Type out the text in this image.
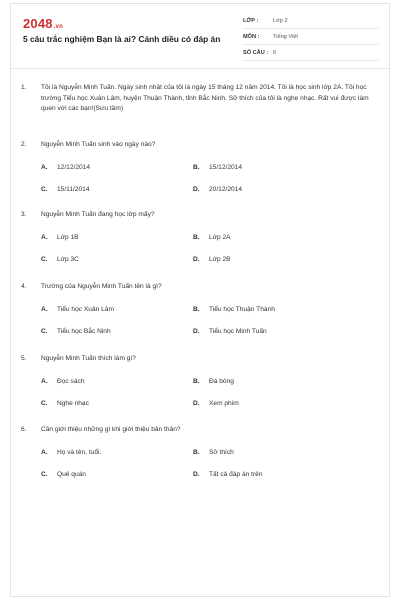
2048.vn
5 câu trắc nghiệm Bạn là ai? Cánh diều có đáp án
LỚP :	Lớp 2
MÔN :	Tiếng Việt
SỐ CÂU : 6
1.	Tôi là Nguyễn Minh Tuấn. Ngày sinh nhật của tôi là ngày 15 tháng 12 năm 2014. Tôi là học sinh lớp 2A. Tôi học trường Tiểu học Xuân Lâm, huyện Thuận Thành, tỉnh Bắc Ninh. Sở thích của tôi là nghe nhạc. Rất vui được làm quen với các bạn!(Sưu tầm)
2.	Nguyễn Minh Tuấn sinh vào ngày nào?
A.	12/12/2014	B.	15/12/2014
C.	15/11/2014	D.	20/12/2014
3.	Nguyễn Minh Tuấn đang học lớp mấy?
A.	Lớp 1B	B.	Lớp 2A
C.	Lớp 3C	D.	Lớp 2B
4.	Trường của Nguyễn Minh Tuấn tên là gì?
A.	Tiểu học Xuân Lâm	B.	Tiểu học Thuận Thành
C.	Tiểu học Bắc Ninh	D.	Tiểu học Minh Tuấn
5.	Nguyễn Minh Tuấn thích làm gì?
A.	Đọc sách	B.	Đá bóng
C.	Nghe nhạc	D.	Xem phim
6.	Cần giới thiệu những gì khi giới thiệu bản thân?
A.	Họ và tên, tuổi.	B.	Sở thích
C.	Quê quán	D.	Tất cả đáp án trên
